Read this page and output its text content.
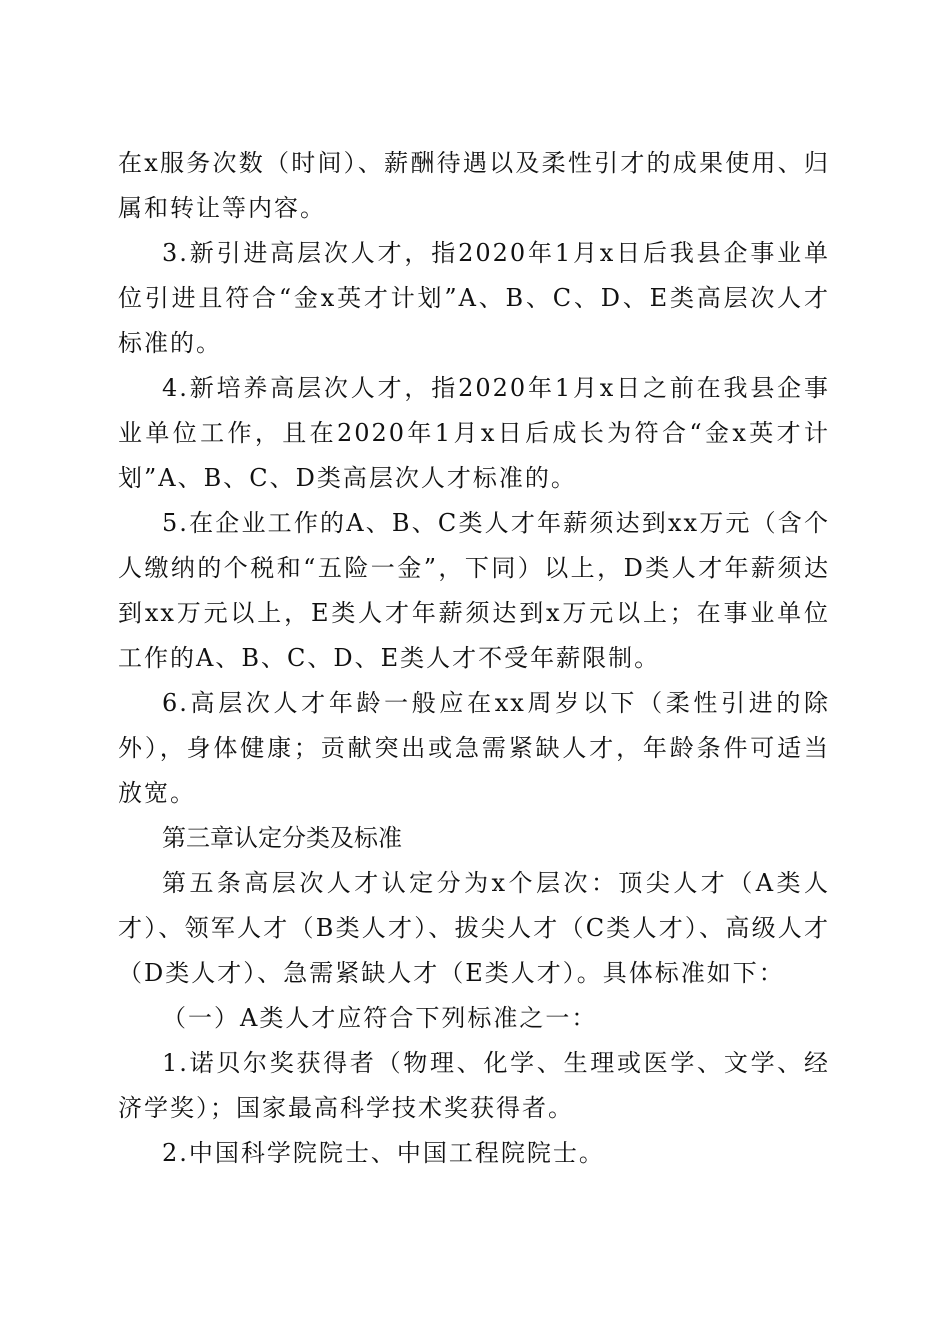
在x服务次数（时间）、薪酬待遇以及柔性引才的成果使用、归属和转让等内容。

3.新引进高层次人才，指2020年1月x日后我县企事业单位引进且符合“金x英才计划”A、B、C、D、E类高层次人才标准的。

4.新培养高层次人才，指2020年1月x日之前在我县企事业单位工作，且在2020年1月x日后成长为符合“金x英才计划”A、B、C、D类高层次人才标准的。

5.在企业工作的A、B、C类人才年薪须达到xx万元（含个人缴纳的个税和“五险一金”，下同）以上，D类人才年薪须达到xx万元以上，E类人才年薪须达到x万元以上；在事业单位工作的A、B、C、D、E类人才不受年薪限制。

6.高层次人才年龄一般应在xx周岁以下（柔性引进的除外），身体健康；贡献突出或急需紧缺人才，年龄条件可适当放宽。

第三章认定分类及标准

第五条高层次人才认定分为x个层次：顶尖人才（A类人才）、领军人才（B类人才）、拔尖人才（C类人才）、高级人才（D类人才）、急需紧缺人才（E类人才）。具体标准如下：

（一）A类人才应符合下列标准之一：

1.诺贝尔奖获得者（物理、化学、生理或医学、文学、经济学奖）；国家最高科学技术奖获得者。

2.中国科学院院士、中国工程院院士。
